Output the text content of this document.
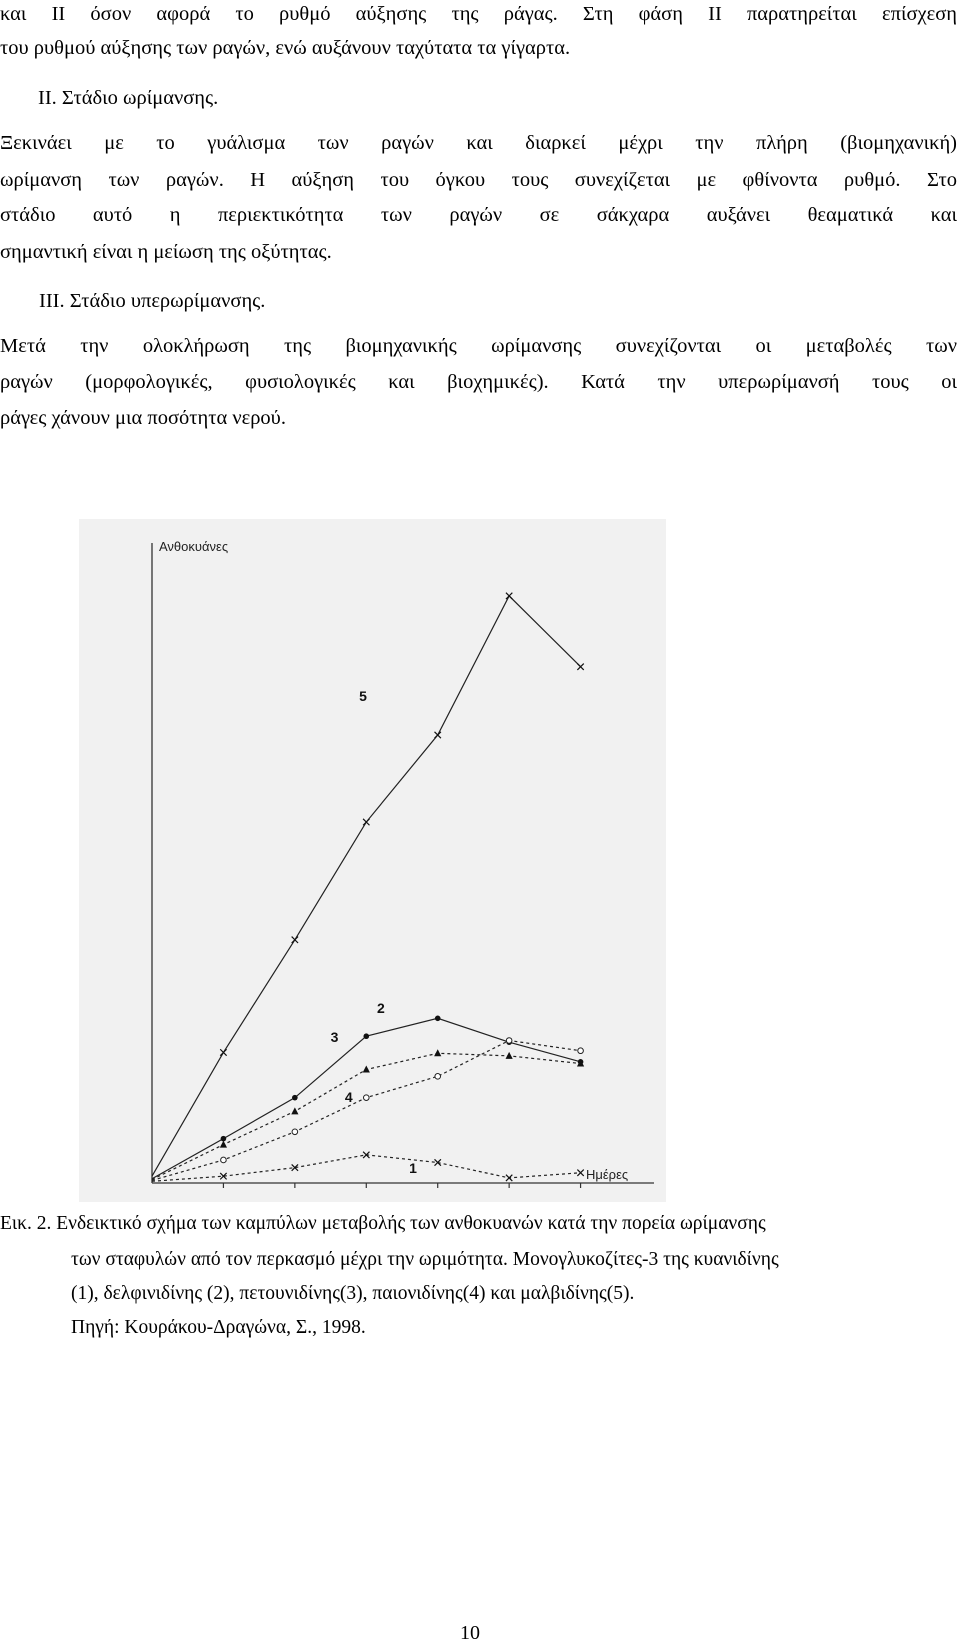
και ΙΙ όσον αφορά το ρυθμό αύξησης της ράγας. Στη φάση ΙΙ παρατηρείται επίσχεση
του ρυθμού αύξησης των ραγών, ενώ αυξάνουν ταχύτατα τα γίγαρτα.
ΙΙ. Στάδιο ωρίμανσης.
Ξεκινάει με το γυάλισμα των ραγών και διαρκεί μέχρι την πλήρη (βιομηχανική)
ωρίμανση των ραγών. Η αύξηση του όγκου τους συνεχίζεται με φθίνοντα ρυθμό. Στο
στάδιο αυτό η περιεκτικότητα των ραγών σε σάκχαρα αυξάνει θεαματικά και
σημαντική είναι η μείωση της οξύτητας.
ΙΙΙ. Στάδιο υπερωρίμανσης.
Μετά την ολοκλήρωση της βιομηχανικής ωρίμανσης συνεχίζονται οι μεταβολές των
ραγών (μορφολογικές, φυσιολογικές και βιοχημικές). Κατά την υπερωρίμανσή τους οι
ράγες χάνουν μια ποσότητα νερού.
1
2
3
4
5
Ανθοκυάνες
Ημέρες
Εικ. 2. Ενδεικτικό σχήμα των καμπύλων μεταβολής των ανθοκυανών κατά την πορεία ωρίμανσης
των σταφυλών από τον περκασμό μέχρι την ωριμότητα. Μονογλυκοζίτες-3 της κυανιδίνης
(1), δελφινιδίνης (2), πετουνιδίνης(3), παιονιδίνης(4) και μαλβιδίνης(5).
Πηγή: Κουράκου-Δραγώνα, Σ., 1998.
10
